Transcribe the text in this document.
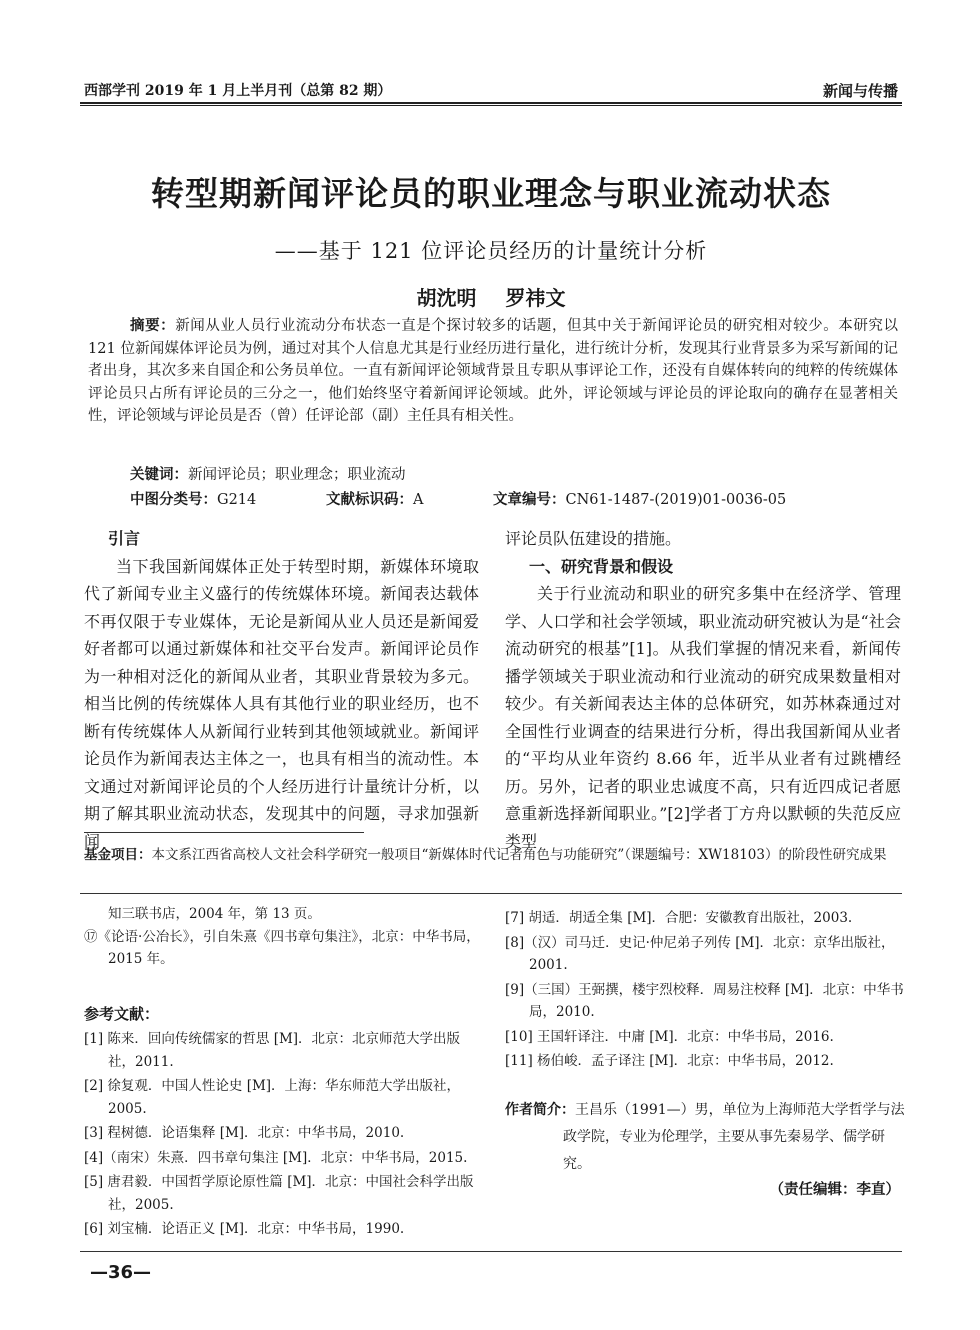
西部学刊 2019 年 1 月上半月刊（总第 82 期）	新闻与传播
转型期新闻评论员的职业理念与职业流动状态
——基于 121 位评论员经历的计量统计分析
胡沈明 罗祎文
摘要：新闻从业人员行业流动分布状态一直是个探讨较多的话题，但其中关于新闻评论员的研究相对较少。本研究以 121 位新闻媒体评论员为例，通过对其个人信息尤其是行业经历进行量化，进行统计分析，发现其行业背景多为采写新闻的记者出身，其次多来自国企和公务员单位。一直有新闻评论领域背景且专职从事评论工作，还没有自媒体转向的纯粹的传统媒体评论员只占所有评论员的三分之一，他们始终坚守着新闻评论领域。此外，评论领域与评论员的评论取向的确存在显著相关性，评论领域与评论员是否（曾）任评论部（副）主任具有相关性。
关键词：新闻评论员；职业理念；职业流动
中图分类号：G214	文献标识码：A	文章编号：CN61-1487-(2019)01-0036-05

引言

当下我国新闻媒体正处于转型时期，新媒体环境取代了新闻专业主义盛行的传统媒体环境。新闻表达载体不再仅限于专业媒体，无论是新闻从业人员还是新闻爱好者都可以通过新媒体和社交平台发声。新闻评论员作为一种相对泛化的新闻从业者，其职业背景较为多元。相当比例的传统媒体人具有其他行业的职业经历，也不断有传统媒体人从新闻行业转到其他领域就业。新闻评论员作为新闻表达主体之一，也具有相当的流动性。本文通过对新闻评论员的个人经历进行计量统计分析，以期了解其职业流动状态，发现其中的问题，寻求加强新闻

评论员队伍建设的措施。

一、研究背景和假设

关于行业流动和职业的研究多集中在经济学、管理学、人口学和社会学领域，职业流动研究被认为是“社会流动研究的根基”[1]。从我们掌握的情况来看，新闻传播学领域关于职业流动和行业流动的研究成果数量相对较少。有关新闻表达主体的总体研究，如苏林森通过对全国性行业调查的结果进行分析，得出我国新闻从业者的“平均从业年资约 8.66 年，近半从业者有过跳槽经历。另外，记者的职业忠诚度不高，只有近四成记者愿意重新选择新闻职业。”[2]学者丁方舟以默顿的失范反应类型

基金项目：本文系江西省高校人文社会科学研究一般项目“新媒体时代记者角色与功能研究”（课题编号：XW18103）的阶段性研究成果

知三联书店，2004 年，第 13 页。

⑰《论语·公冶长》，引自朱熹《四书章句集注》，北京：中华书局，2015 年。

参考文献：

[1] 陈来．回向传统儒家的哲思 [M]．北京：北京师范大学出版社，2011.

[2] 徐复观．中国人性论史 [M]．上海：华东师范大学出版社，2005.

[3] 程树德．论语集释 [M]．北京：中华书局，2010.

[4]（南宋）朱熹．四书章句集注 [M]．北京：中华书局，2015.

[5] 唐君毅．中国哲学原论原性篇 [M]．北京：中国社会科学出版社，2005.

[6] 刘宝楠．论语正义 [M]．北京：中华书局，1990.

[7] 胡适．胡适全集 [M]．合肥：安徽教育出版社，2003.

[8]（汉）司马迁．史记·仲尼弟子列传 [M]．北京：京华出版社，2001.

[9]（三国）王弼撰，楼宇烈校释．周易注校释 [M]．北京：中华书局，2010.

[10] 王国轩译注．中庸 [M]．北京：中华书局，2016.

[11] 杨伯峻．孟子译注 [M]．北京：中华书局，2012.

作者简介：王昌乐（1991—）男，单位为上海师范大学哲学与法政学院，专业为伦理学，主要从事先秦易学、儒学研究。
（责任编辑：李直）
—36—
